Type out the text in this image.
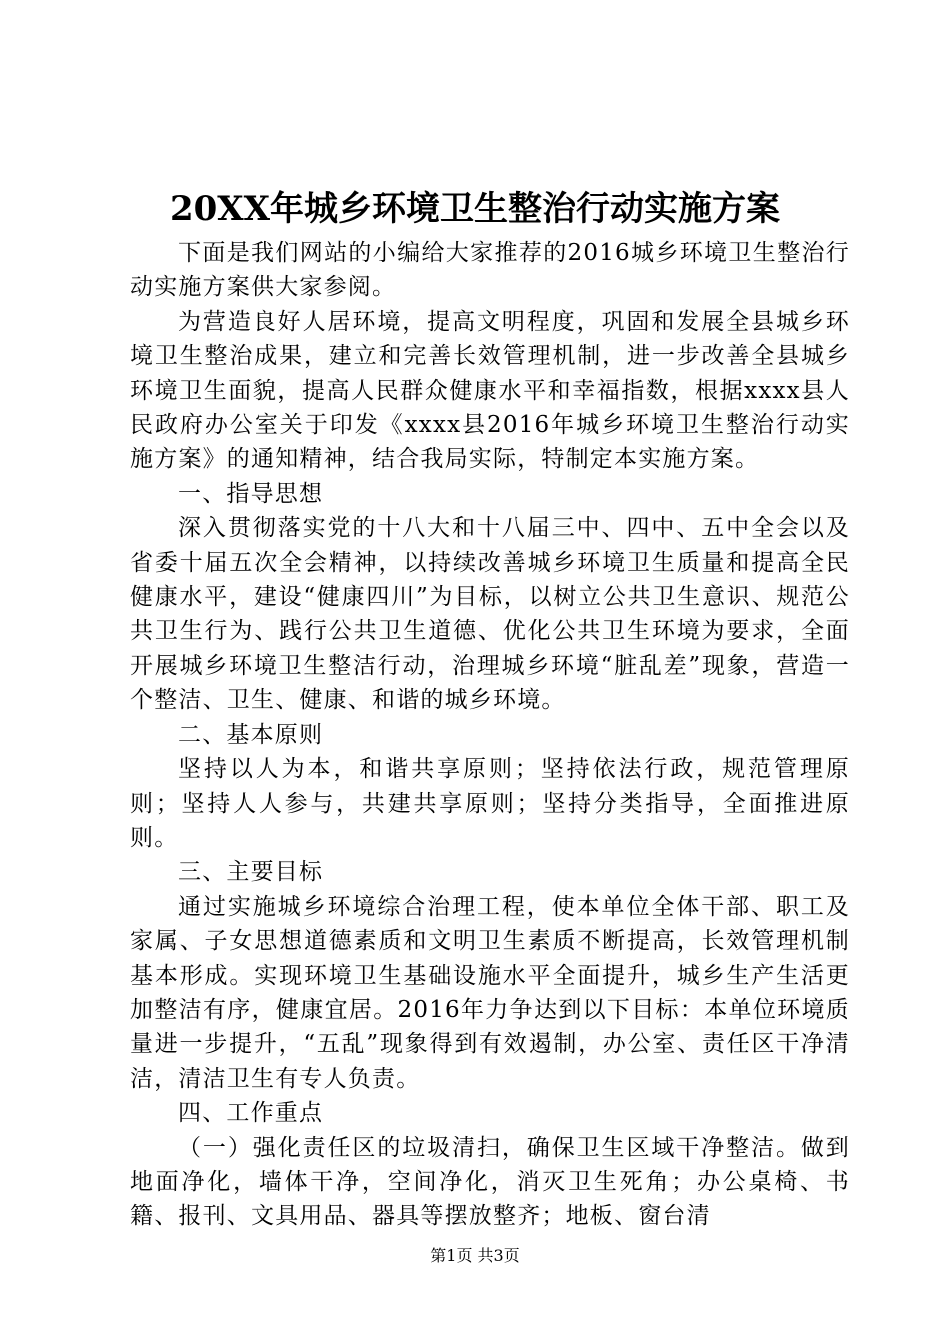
20XX年城乡环境卫生整治行动实施方案

下面是我们网站的小编给大家推荐的2016城乡环境卫生整治行动实施方案供大家参阅。

为营造良好人居环境，提高文明程度，巩固和发展全县城乡环境卫生整治成果，建立和完善长效管理机制，进一步改善全县城乡环境卫生面貌，提高人民群众健康水平和幸福指数，根据xxxx县人民政府办公室关于印发《xxxx县2016年城乡环境卫生整治行动实施方案》的通知精神，结合我局实际，特制定本实施方案。

一、指导思想

深入贯彻落实党的十八大和十八届三中、四中、五中全会以及省委十届五次全会精神，以持续改善城乡环境卫生质量和提高全民健康水平，建设“健康四川”为目标，以树立公共卫生意识、规范公共卫生行为、践行公共卫生道德、优化公共卫生环境为要求，全面开展城乡环境卫生整洁行动，治理城乡环境“脏乱差”现象，营造一个整洁、卫生、健康、和谐的城乡环境。

二、基本原则

坚持以人为本，和谐共享原则；坚持依法行政，规范管理原则；坚持人人参与，共建共享原则；坚持分类指导，全面推进原则。

三、主要目标

通过实施城乡环境综合治理工程，使本单位全体干部、职工及家属、子女思想道德素质和文明卫生素质不断提高，长效管理机制基本形成。实现环境卫生基础设施水平全面提升，城乡生产生活更加整洁有序，健康宜居。2016年力争达到以下目标：本单位环境质量进一步提升，“五乱”现象得到有效遏制，办公室、责任区干净清洁，清洁卫生有专人负责。

四、工作重点

（一）强化责任区的垃圾清扫，确保卫生区域干净整洁。做到地面净化，墙体干净，空间净化，消灭卫生死角；办公桌椅、书籍、报刊、文具用品、器具等摆放整齐；地板、窗台清

第1页 共3页
